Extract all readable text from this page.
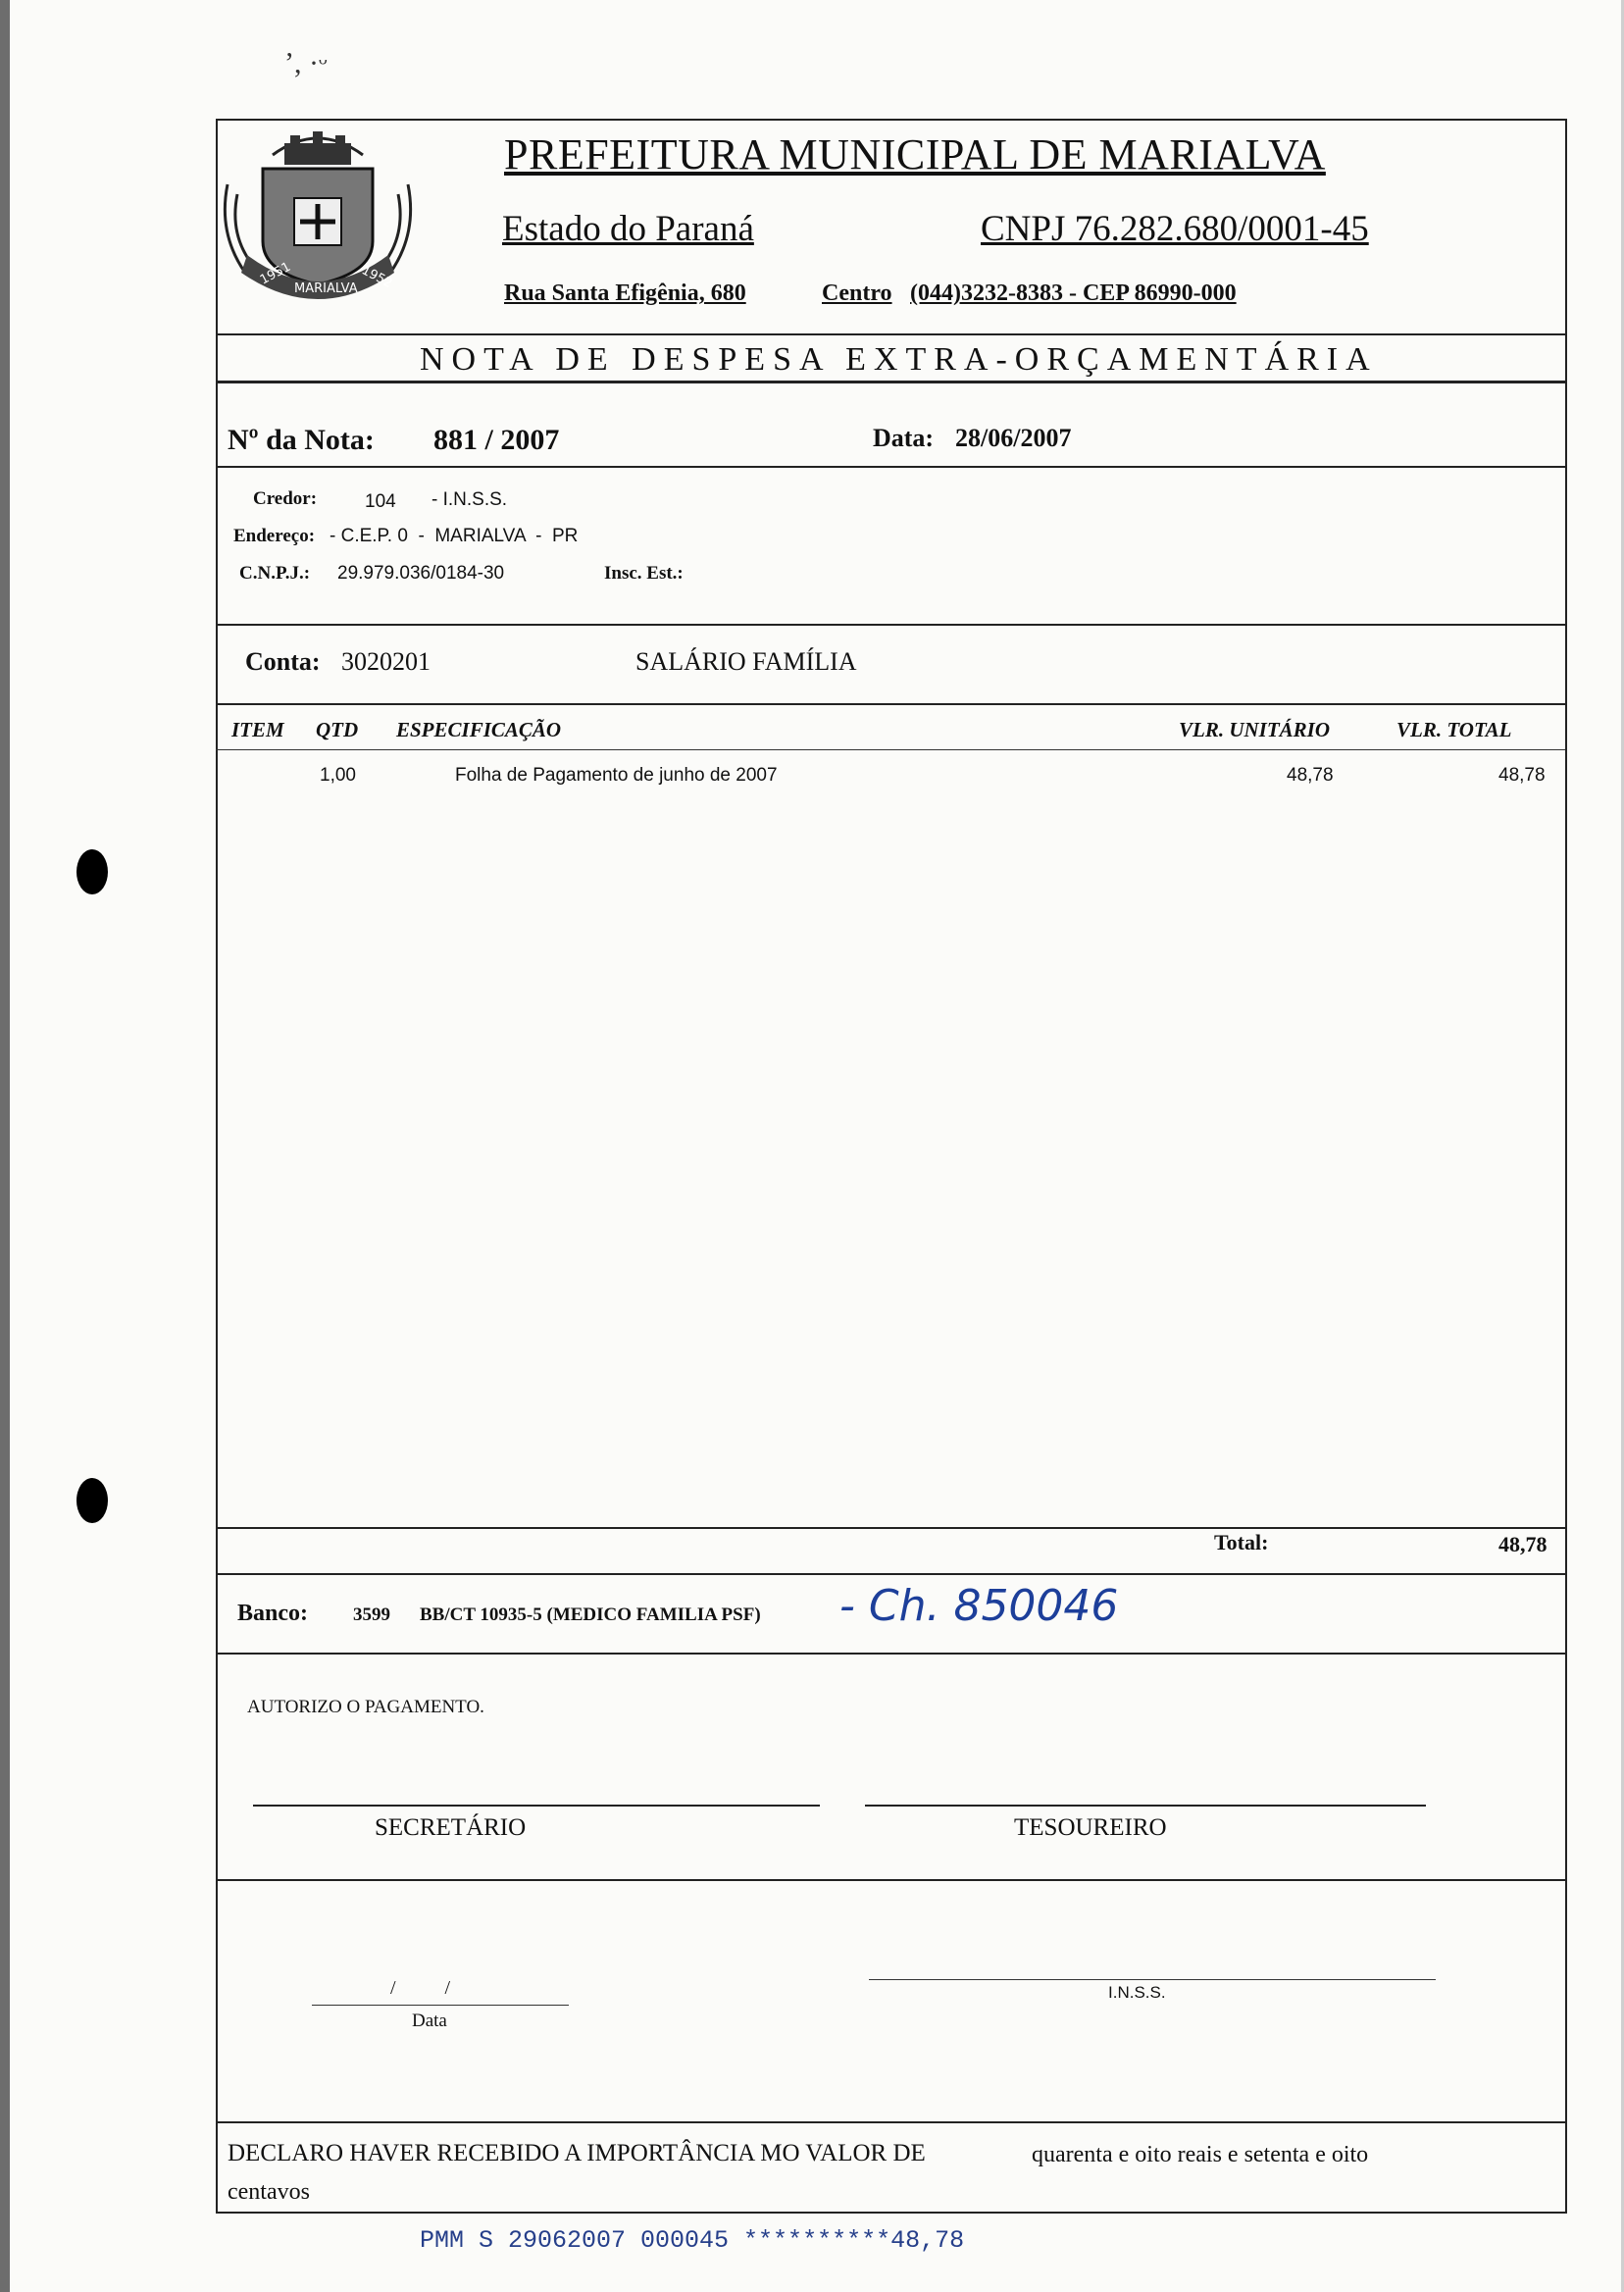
ʼ, ·ᵕ
1951
MARIALVA 1952
PREFEITURA MUNICIPAL DE MARIALVA
Estado do Paraná	CNPJ 76.282.680/0001-45
Rua Santa Efigênia, 680	Centro (044)3232-8383 - CEP 86990-000
NOTA DE DESPESA EXTRA-ORÇAMENTÁRIA
Nº da Nota: 881 / 2007	Data: 28/06/2007
Credor:	104 - I.N.S.S.
Endereço: - C.E.P. 0  -  MARIALVA  -  PR
C.N.P.J.: 29.979.036/0184-30	Insc. Est.:
Conta: 3020201	SALÁRIO FAMÍLIA
ITEM QTD ESPECIFICAÇÃO	VLR. UNITÁRIO	VLR. TOTAL
1,00	Folha de Pagamento de junho de 2007	48,78	48,78
Total:	48,78
Banco: 3599 BB/CT 10935-5 (MEDICO FAMILIA PSF) - Ch. 850046
AUTORIZO O PAGAMENTO.
SECRETÁRIO	TESOUREIRO
/          /
Data
I.N.S.S.
DECLARO HAVER RECEBIDO A IMPORTÂNCIA MO VALOR DE	quarenta e oito reais e setenta e oito
centavos
PMM S 29062007 000045 **********48,78
